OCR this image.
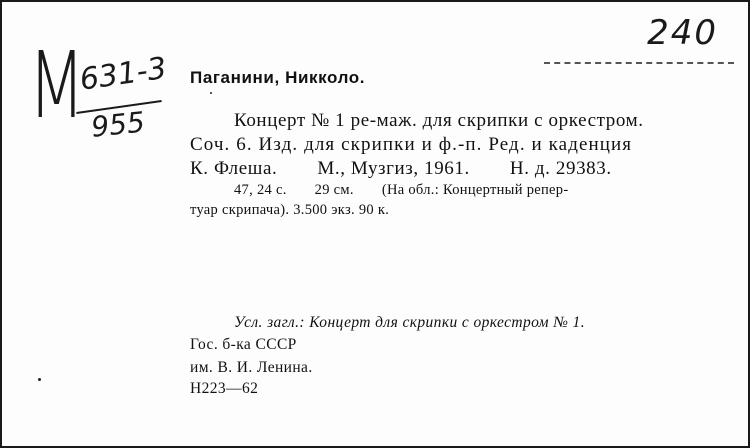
M
631-3
955
240
Паганини, Никколо.
Концерт № 1 ре-маж. для скрипки с оркестром.
Соч. 6. Изд. для скрипки и ф.-п. Ред. и каденция
К. Флеша. М., Музгиз, 1961. Н. д. 29383.
47, 24 с. 29 см. (На обл.: Концертный репер-
туар скрипача). 3.500 экз. 90 к.
Усл. загл.: Концерт для скрипки с оркестром № 1.
Гос. б-ка СССР
им. В. И. Ленина.
Н223—62
